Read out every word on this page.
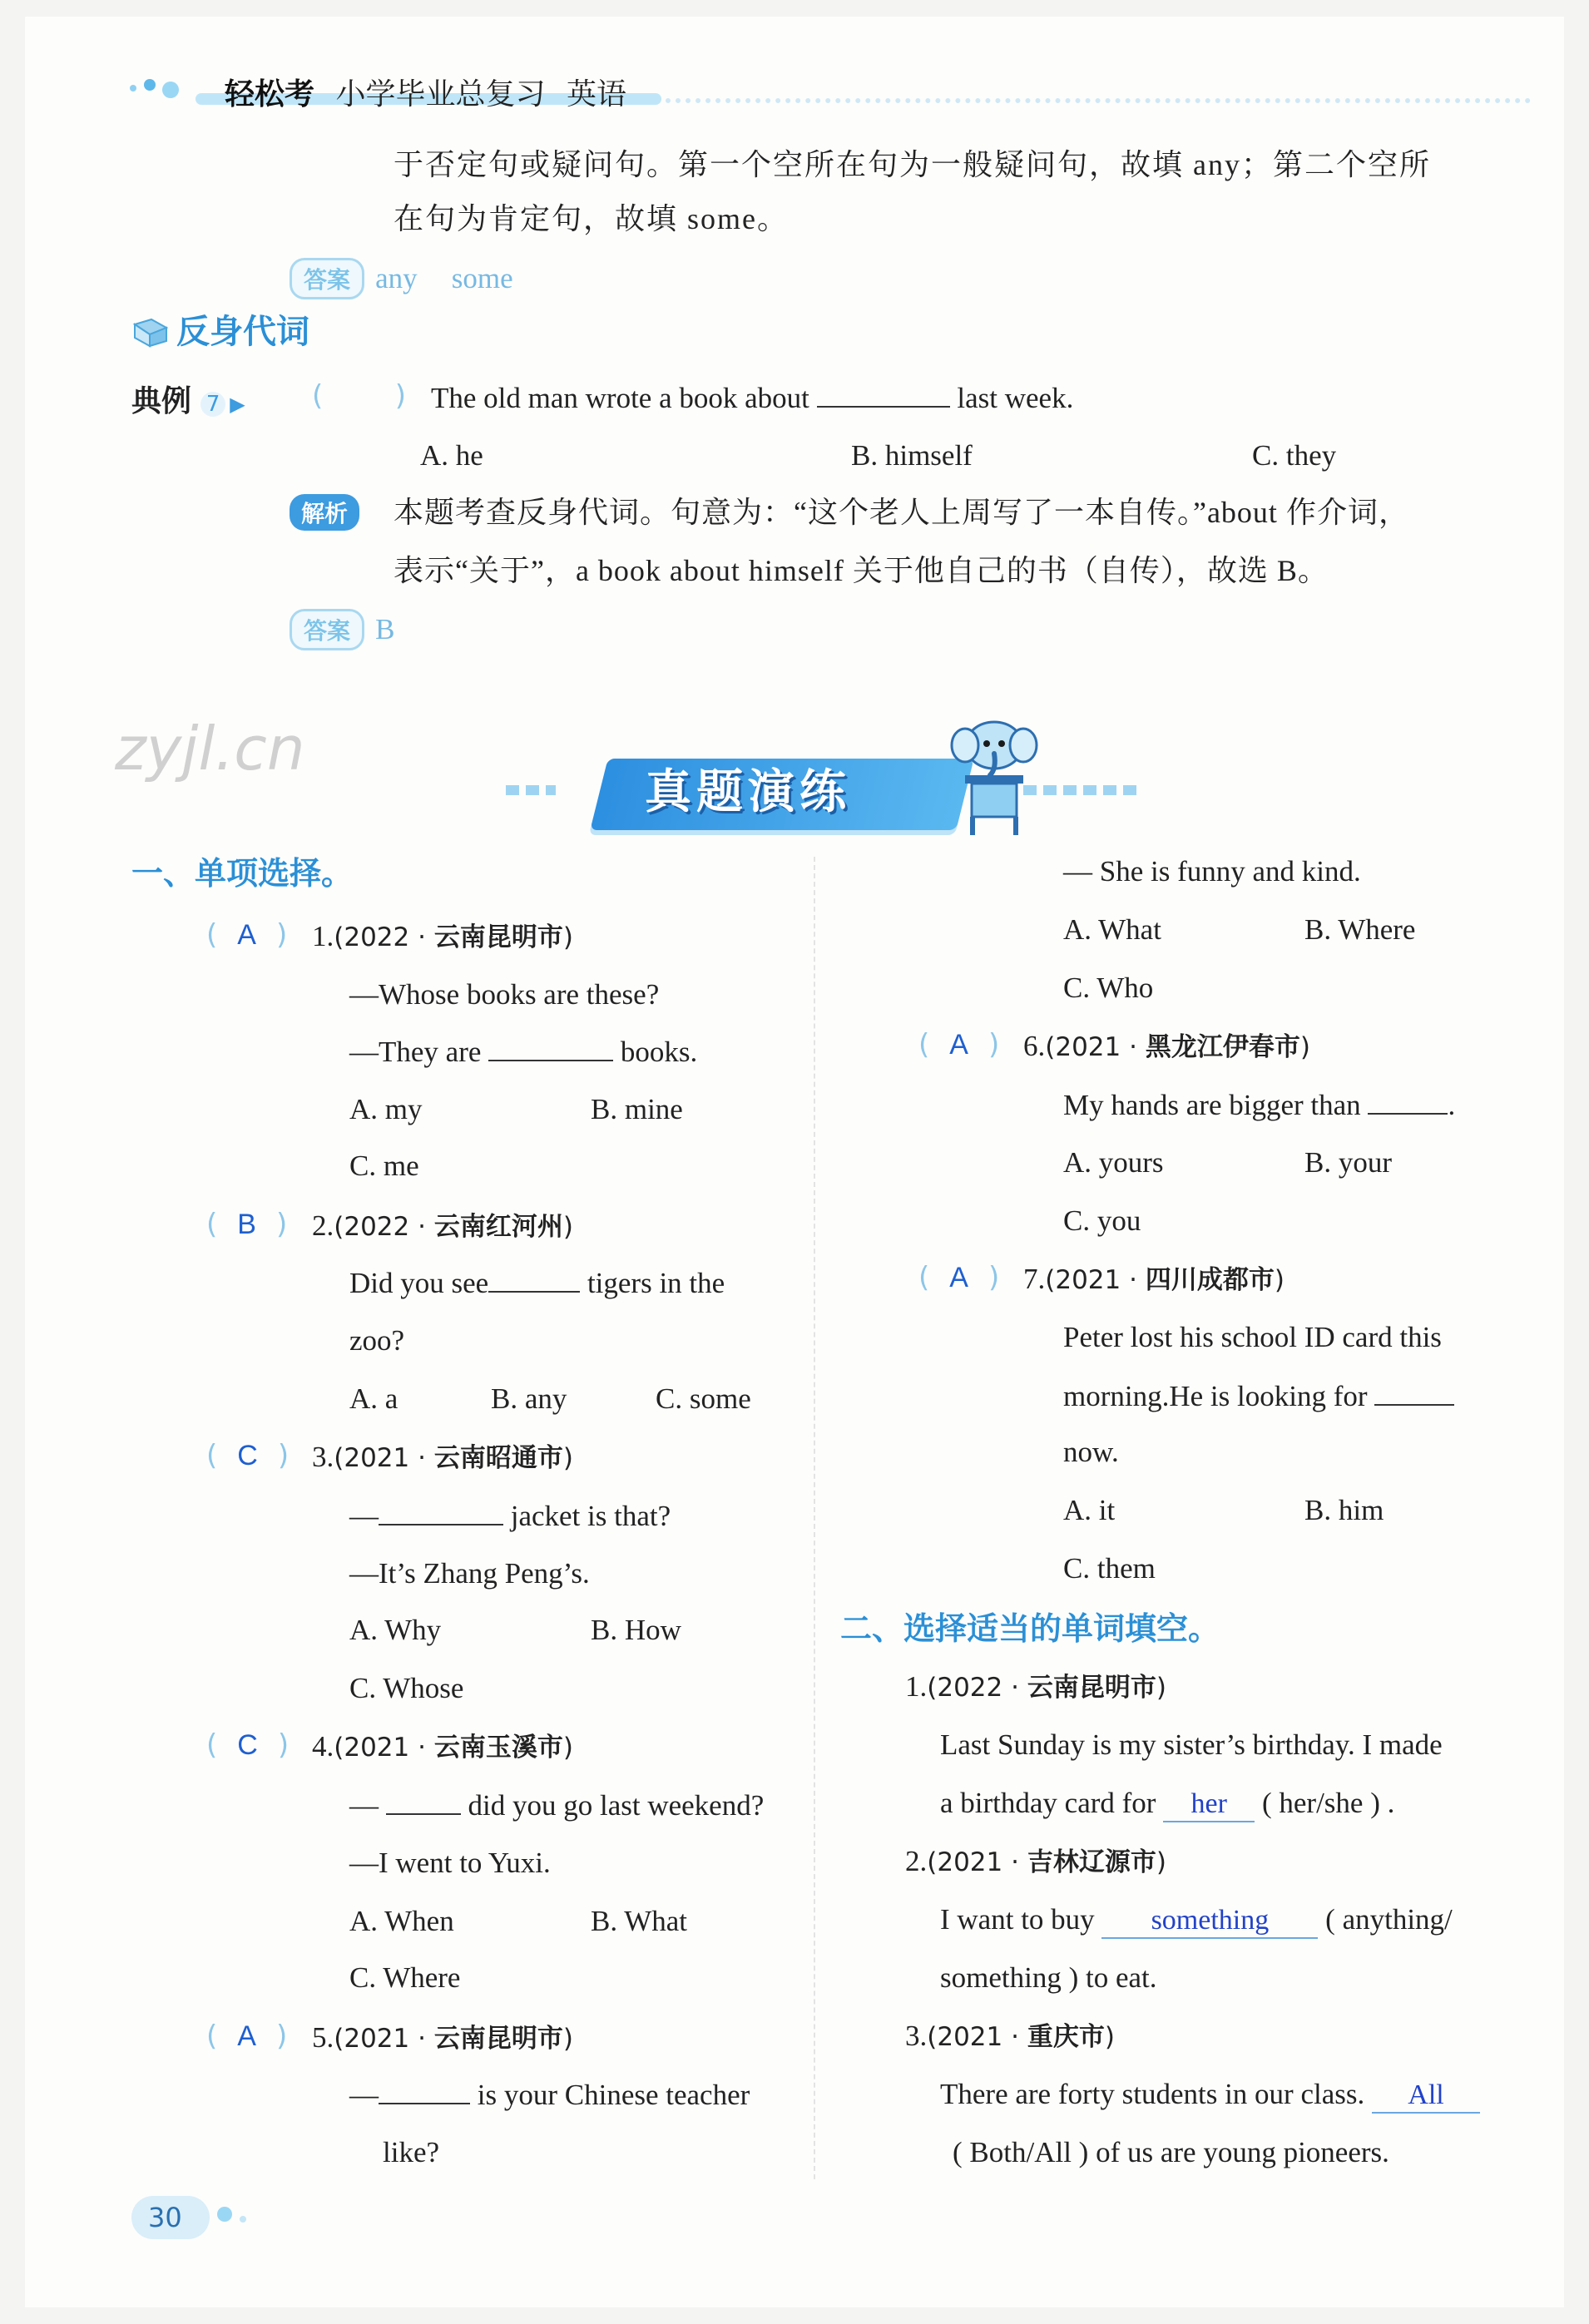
轻松考 小学毕业总复习 英语
于否定句或疑问句。第一个空所在句为一般疑问句，故填 any；第二个空所
在句为肯定句，故填 some。
答案 any some
反身代词
典例 7 ▶ (        ) The old man wrote a book about	last week.
A. he	B. himself	C. they
解析	本题考查反身代词。句意为：“这个老人上周写了一本自传。”about 作介词，
表示“关于”，a book about himself 关于他自己的书（自传），故选 B。
答案 B
zyjl.cn
真题演练
一、单项选择。
( A ) 1.(2022 · 云南昆明市)
—Whose books are these?
—They are	books.
A. my	B. mine
C. me
( B ) 2.(2022 · 云南红河州)
Did you see	tigers in the
zoo?
A. a	B. any	C. some
( C ) 3.(2021 · 云南昭通市)
—	jacket is that?
—It’s Zhang Peng’s.
A. Why	B. How
C. Whose
( C ) 4.(2021 · 云南玉溪市)
—	did you go last weekend?
—I went to Yuxi.
A. When	B. What
C. Where
( A ) 5.(2021 · 云南昆明市)
—	is your Chinese teacher
like?
— She is funny and kind.
A. What	B. Where
C. Who
( A ) 6.(2021 · 黑龙江伊春市)
My hands are bigger than	.
A. yours	B. your
C. you
( A ) 7.(2021 · 四川成都市)
Peter lost his school ID card this
morning.He is looking for
now.
A. it	B. him
C. them
二、选择适当的单词填空。
1.(2022 · 云南昆明市)
Last Sunday is my sister’s birthday. I made
a birthday card for her ( her/she ) .
2.(2021 · 吉林辽源市)
I want to buy something ( anything/
something ) to eat.
3.(2021 · 重庆市)
There are forty students in our class. All
( Both/All ) of us are young pioneers.
30
